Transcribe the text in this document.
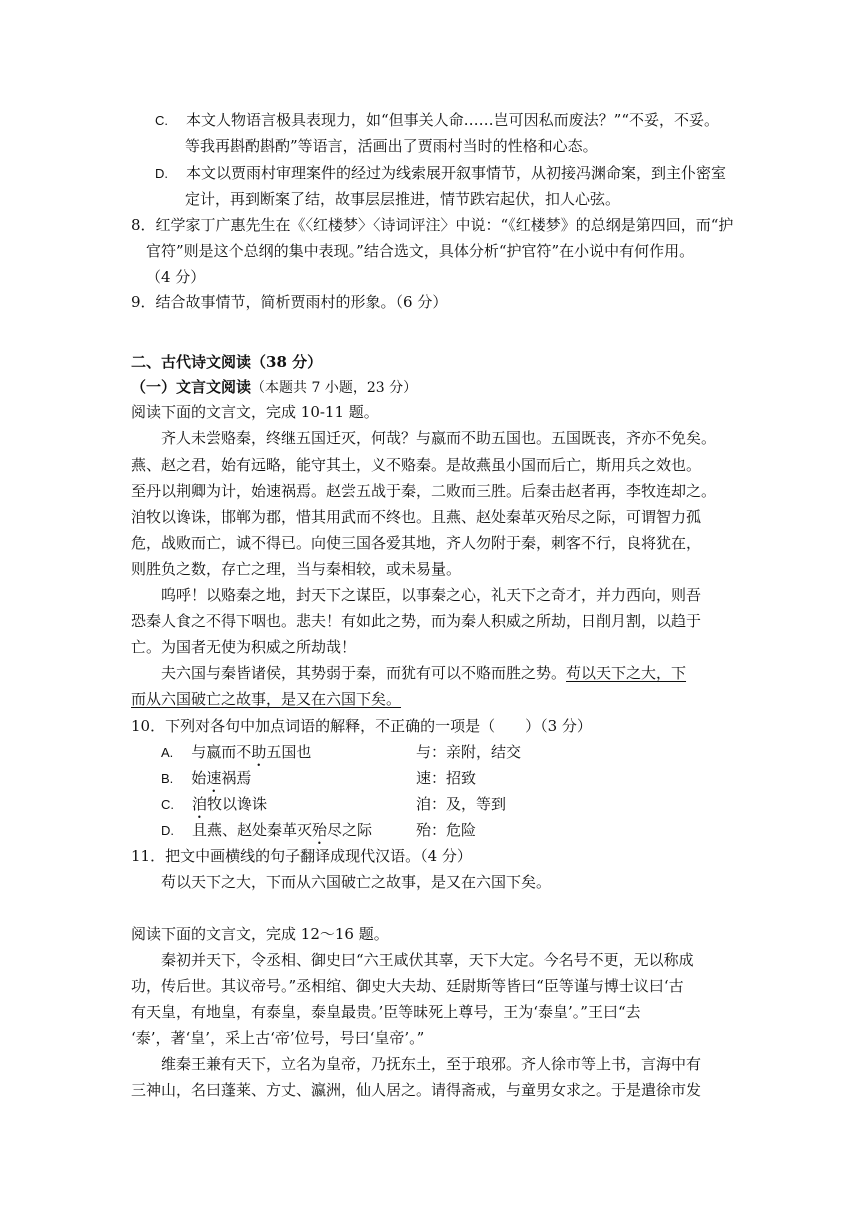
C. 本文人物语言极具表现力，如“但事关人命……岂可因私而废法？”“不妥，不妥。
等我再斟酌斟酌”等语言，活画出了贾雨村当时的性格和心态。
D. 本文以贾雨村审理案件的经过为线索展开叙事情节，从初接冯渊命案，到主仆密室
定计，再到断案了结，故事层层推进，情节跌宕起伏，扣人心弦。
8．红学家丁广惠先生在《〈红楼梦〉〈诗词评注〉中说：“《红楼梦》的总纲是第四回，而“护
官符”则是这个总纲的集中表现。”结合选文，具体分析“护官符”在小说中有何作用。
（4 分）
9．结合故事情节，简析贾雨村的形象。（6 分）
二、古代诗文阅读（38 分）
（一）文言文阅读（本题共 7 小题，23 分）
阅读下面的文言文，完成 10-11 题。
齐人未尝赂秦，终继五国迁灭，何哉？与嬴而不助五国也。五国既丧，齐亦不免矣。
燕、赵之君，始有远略，能守其土，义不赂秦。是故燕虽小国而后亡，斯用兵之效也。
至丹以荆卿为计，始速祸焉。赵尝五战于秦，二败而三胜。后秦击赵者再，李牧连却之。
洎牧以谗诛，邯郸为郡，惜其用武而不终也。且燕、赵处秦革灭殆尽之际，可谓智力孤
危，战败而亡，诚不得已。向使三国各爱其地，齐人勿附于秦，刺客不行，良将犹在，
则胜负之数，存亡之理，当与秦相较，或未易量。
呜呼！以赂秦之地，封天下之谋臣，以事秦之心，礼天下之奇才，并力西向，则吾
恐秦人食之不得下咽也。悲夫！有如此之势，而为秦人积威之所劫，日削月割，以趋于
亡。为国者无使为积威之所劫哉！
夫六国与秦皆诸侯，其势弱于秦，而犹有可以不赂而胜之势。苟以天下之大，下
而从六国破亡之故事，是又在六国下矣。
10．下列对各句中加点词语的解释，不正确的一项是（　　）（3 分）
A. 与嬴而不助五国也	与：亲附，结交
B. 始速祸焉	速：招致
C. 洎牧以谗诛	洎：及，等到
D. 且燕、赵处秦革灭殆尽之际	殆：危险
11．把文中画横线的句子翻译成现代汉语。（4 分）
苟以天下之大，下而从六国破亡之故事，是又在六国下矣。
阅读下面的文言文，完成 12～16 题。
秦初并天下，令丞相、御史曰“六王咸伏其辜，天下大定。今名号不更，无以称成
功，传后世。其议帝号。”丞相绾、御史大夫劫、廷尉斯等皆曰“臣等谨与博士议曰‘古
有天皇，有地皇，有泰皇，泰皇最贵。’臣等昧死上尊号，王为‘泰皇’。”王曰“去
‘泰’，著‘皇’，采上古‘帝’位号，号曰‘皇帝’。”
维秦王兼有天下，立名为皇帝，乃抚东土，至于琅邪。齐人徐市等上书，言海中有
三神山，名曰蓬莱、方丈、瀛洲，仙人居之。请得斋戒，与童男女求之。于是遣徐市发
